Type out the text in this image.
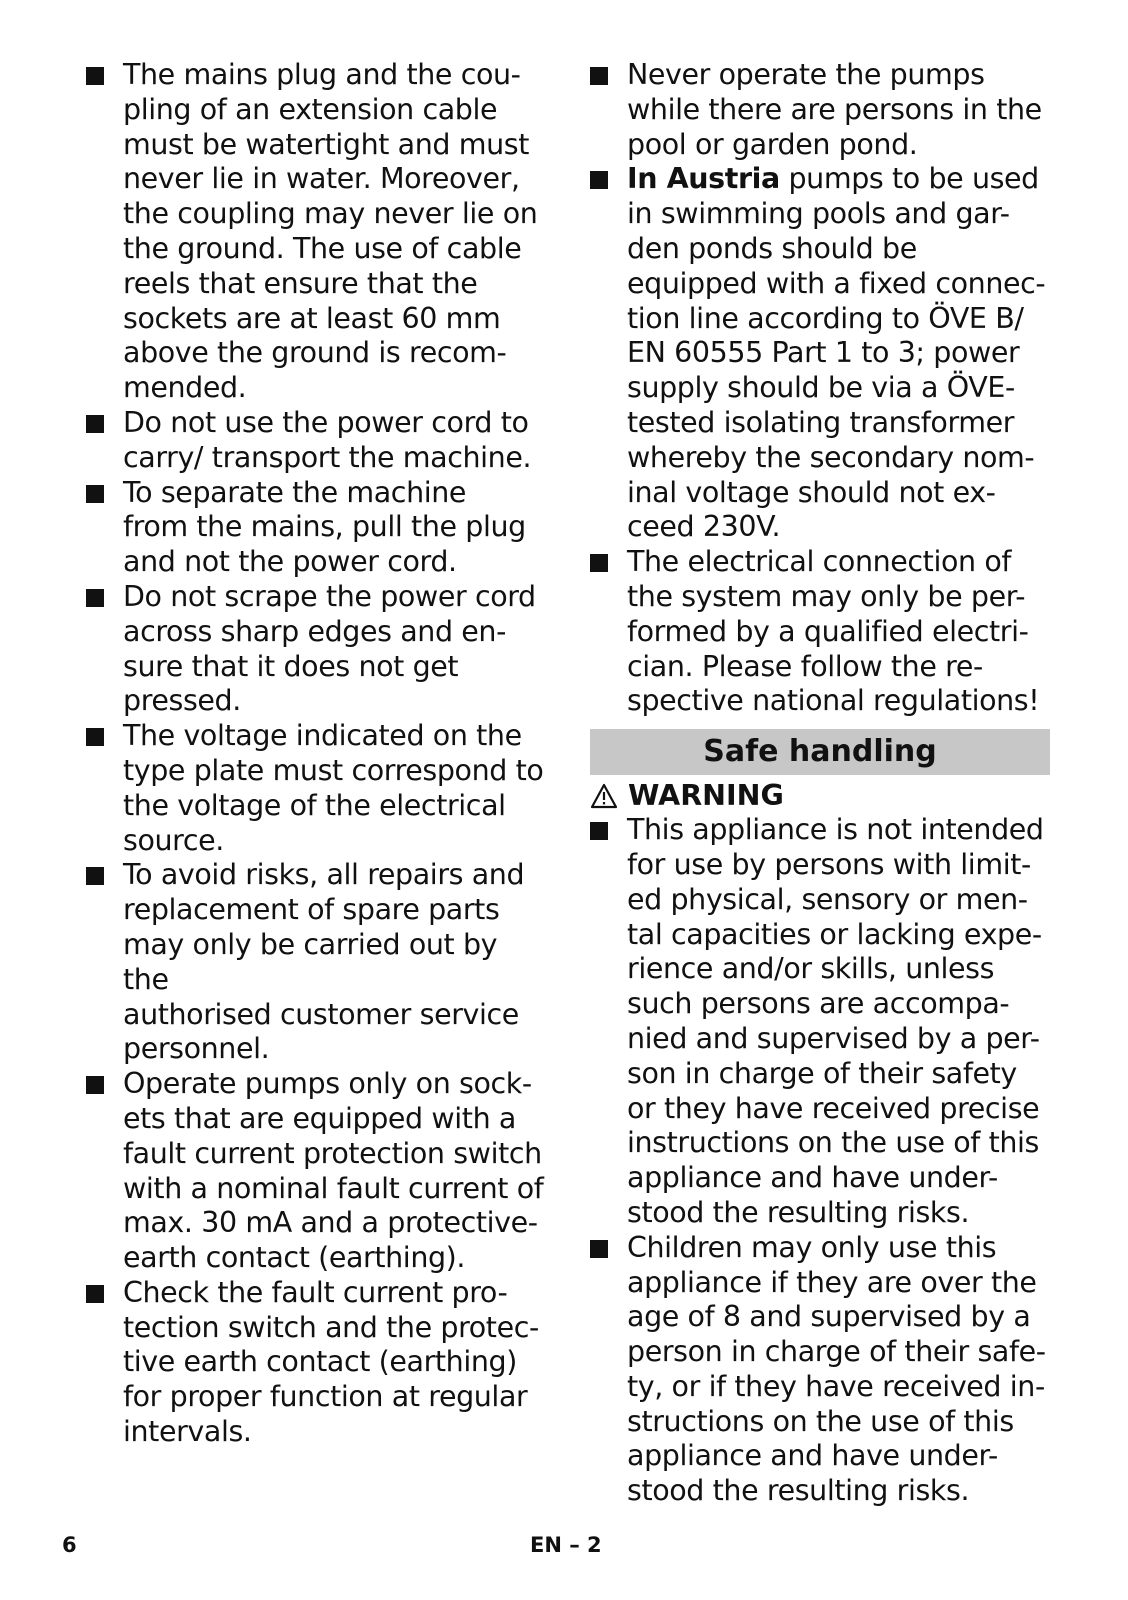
The mains plug and the cou-
pling of an extension cable
must be watertight and must
never lie in water. Moreover,
the coupling may never lie on
the ground. The use of cable
reels that ensure that the
sockets are at least 60 mm
above the ground is recom-
mended.
Do not use the power cord to
carry/ transport the machine.
To separate the machine
from the mains, pull the plug
and not the power cord.
Do not scrape the power cord
across sharp edges and en-
sure that it does not get
pressed.
The voltage indicated on the
type plate must correspond to
the voltage of the electrical
source.
To avoid risks, all repairs and
replacement of spare parts
may only be carried out by the
authorised customer service
personnel.
Operate pumps only on sock-
ets that are equipped with a
fault current protection switch
with a nominal fault current of
max. 30 mA and a protective-
earth contact (earthing).
Check the fault current pro-
tection switch and the protec-
tive earth contact (earthing)
for proper function at regular
intervals.
Never operate the pumps
while there are persons in the
pool or garden pond.
In Austria pumps to be used
in swimming pools and gar-
den ponds should be
equipped with a fixed connec-
tion line according to ÖVE B/
EN 60555 Part 1 to 3; power
supply should be via a ÖVE-
tested isolating transformer
whereby the secondary nom-
inal voltage should not ex-
ceed 230V.
The electrical connection of
the system may only be per-
formed by a qualified electri-
cian. Please follow the re-
spective national regulations!
Safe handling
WARNING
This appliance is not intended
for use by persons with limit-
ed physical, sensory or men-
tal capacities or lacking expe-
rience and/or skills, unless
such persons are accompa-
nied and supervised by a per-
son in charge of their safety
or they have received precise
instructions on the use of this
appliance and have under-
stood the resulting risks.
Children may only use this
appliance if they are over the
age of 8 and supervised by a
person in charge of their safe-
ty, or if they have received in-
structions on the use of this
appliance and have under-
stood the resulting risks.
6	EN – 2
